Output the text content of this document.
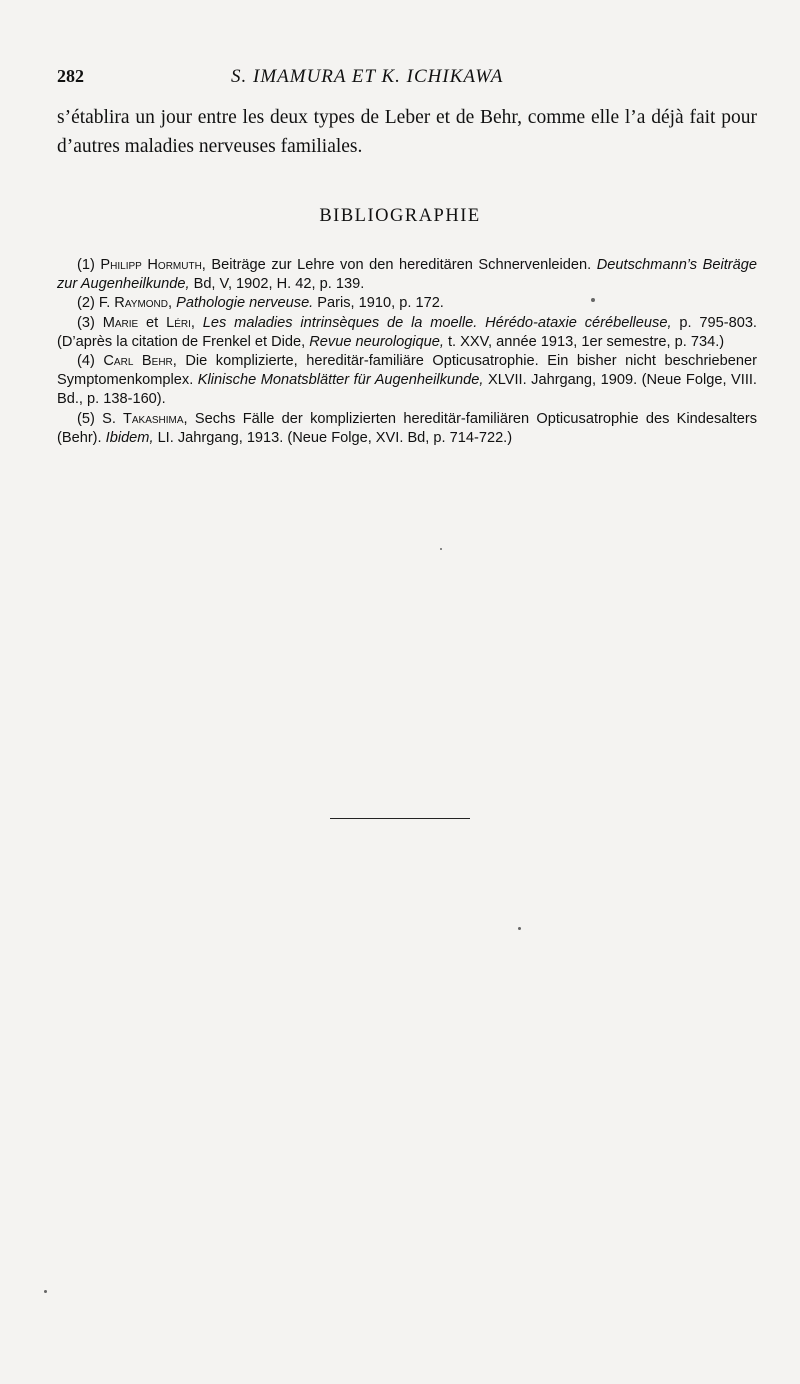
282	S. IMAMURA ET K. ICHIKAWA

s’établira un jour entre les deux types de Leber et de Behr, comme elle l’a déjà fait pour d’autres maladies nerveuses familiales.

BIBLIOGRAPHIE

(1) Philipp Hormuth, Beiträge zur Lehre von den hereditären Schnervenleiden. Deutschmann’s Beiträge zur Augenheilkunde, Bd, V, 1902, H. 42, p. 139.

(2) F. Raymond, Pathologie nerveuse. Paris, 1910, p. 172.

(3) Marie et Léri, Les maladies intrinsèques de la moelle. Hérédo-ataxie cérébelleuse, p. 795-803. (D’après la citation de Frenkel et Dide, Revue neurologique, t. XXV, année 1913, 1er semestre, p. 734.)

(4) Carl Behr, Die komplizierte, hereditär-familiäre Opticusatrophie. Ein bisher nicht beschriebener Symptomenkomplex. Klinische Monatsblätter für Augenheilkunde, XLVII. Jahrgang, 1909. (Neue Folge, VIII. Bd., p. 138-160).

(5) S. Takashima, Sechs Fälle der komplizierten hereditär-familiären Opticusatrophie des Kindesalters (Behr). Ibidem, LI. Jahrgang, 1913. (Neue Folge, XVI. Bd, p. 714-722.)
